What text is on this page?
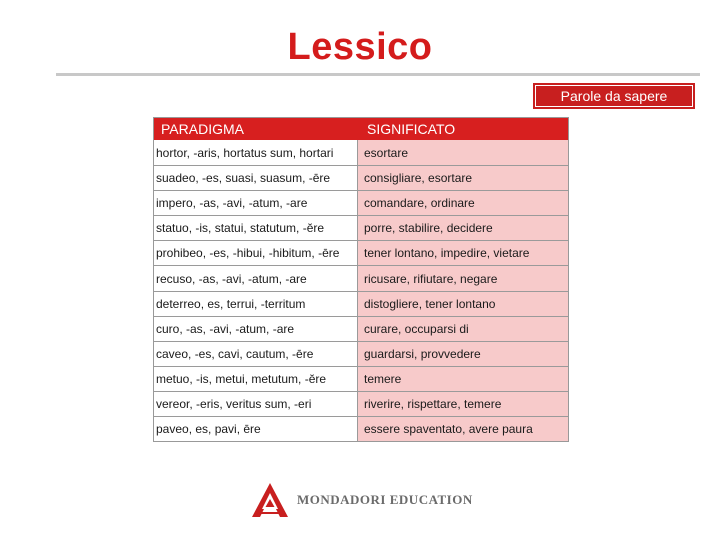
Lessico
Parole da sapere
PARADIGMA	SIGNIFICATO
hortor, -aris, hortatus sum, hortari	esortare
suadeo, -es, suasi, suasum, -ēre	consigliare, esortare
impero, -as, -avi, -atum, -are	comandare, ordinare
statuo, -is, statui, statutum, -ĕre	porre, stabilire, decidere
prohibeo, -es, -hibui, -hibitum, -ēre	tener lontano, impedire, vietare
recuso, -as, -avi, -atum, -are	ricusare, rifiutare, negare
deterreo, es, terrui, -territum	distogliere, tener lontano
curo, -as, -avi, -atum, -are	curare, occuparsi di
caveo, -es, cavi, cautum, -ēre	guardarsi, provvedere
metuo, -is, metui, metutum, -ĕre	temere
vereor, -eris, veritus sum, -eri	riverire, rispettare, temere
paveo, es, pavi, ēre	essere spaventato, avere paura
MONDADORI EDUCATION
